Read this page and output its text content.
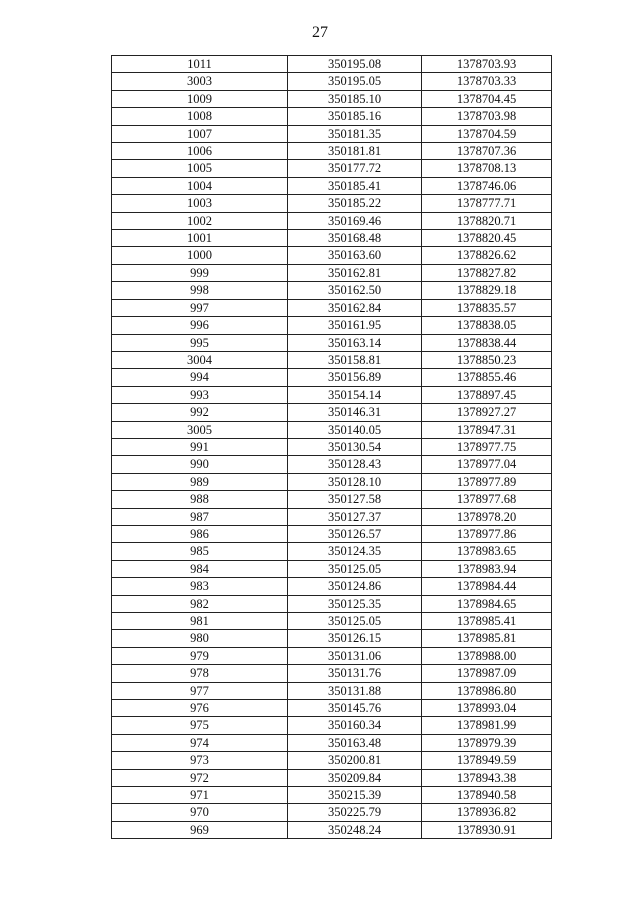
27
1011	350195.08	1378703.93
3003	350195.05	1378703.33
1009	350185.10	1378704.45
1008	350185.16	1378703.98
1007	350181.35	1378704.59
1006	350181.81	1378707.36
1005	350177.72	1378708.13
1004	350185.41	1378746.06
1003	350185.22	1378777.71
1002	350169.46	1378820.71
1001	350168.48	1378820.45
1000	350163.60	1378826.62
999	350162.81	1378827.82
998	350162.50	1378829.18
997	350162.84	1378835.57
996	350161.95	1378838.05
995	350163.14	1378838.44
3004	350158.81	1378850.23
994	350156.89	1378855.46
993	350154.14	1378897.45
992	350146.31	1378927.27
3005	350140.05	1378947.31
991	350130.54	1378977.75
990	350128.43	1378977.04
989	350128.10	1378977.89
988	350127.58	1378977.68
987	350127.37	1378978.20
986	350126.57	1378977.86
985	350124.35	1378983.65
984	350125.05	1378983.94
983	350124.86	1378984.44
982	350125.35	1378984.65
981	350125.05	1378985.41
980	350126.15	1378985.81
979	350131.06	1378988.00
978	350131.76	1378987.09
977	350131.88	1378986.80
976	350145.76	1378993.04
975	350160.34	1378981.99
974	350163.48	1378979.39
973	350200.81	1378949.59
972	350209.84	1378943.38
971	350215.39	1378940.58
970	350225.79	1378936.82
969	350248.24	1378930.91
